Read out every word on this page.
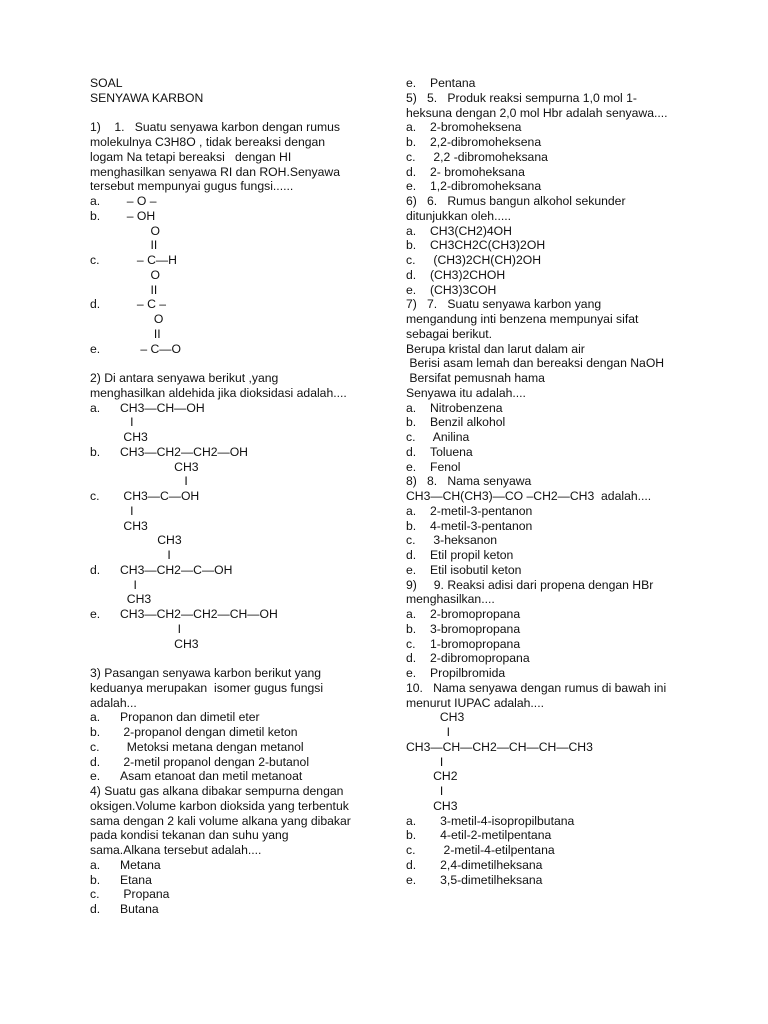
SOAL
SENYAWA KARBON
1)    1.   Suatu senyawa karbon dengan rumus
molekulnya C3H8O , tidak bereaksi dengan
logam Na tetapi bereaksi   dengan HI
menghasilkan senyawa RI dan ROH.Senyawa
tersebut mempunyai gugus fungsi......
a.	– O –
b.	– OH
O
II
c.	– C—H
O
II
d.	– C –
O
II
e.	– C—O
2) Di antara senyawa berikut ,yang
menghasilkan aldehida jika dioksidasi adalah....
a.	CH3—CH—OH
I
CH3
b.	CH3—CH2—CH2—OH
CH3
I
c.	CH3—C—OH
I
CH3
CH3
I
d.	CH3—CH2—C—OH
I
CH3
e.	CH3—CH2—CH2—CH—OH
I
CH3
3) Pasangan senyawa karbon berikut yang
keduanya merupakan  isomer gugus fungsi
adalah...
a.	Propanon dan dimetil eter
b.	2-propanol dengan dimetil keton
c.	Metoksi metana dengan metanol
d.	2-metil propanol dengan 2-butanol
e.	Asam etanoat dan metil metanoat
4) Suatu gas alkana dibakar sempurna dengan
oksigen.Volume karbon dioksida yang terbentuk
sama dengan 2 kali volume alkana yang dibakar
pada kondisi tekanan dan suhu yang
sama.Alkana tersebut adalah....
a.	Metana
b.	Etana
c.	Propana
d.	Butana
e.	Pentana
5)   5.   Produk reaksi sempurna 1,0 mol 1-
heksuna dengan 2,0 mol Hbr adalah senyawa....
a.	2-bromoheksena
b.	2,2-dibromoheksena
c.	2,2 -dibromoheksana
d.	2- bromoheksana
e.	1,2-dibromoheksana
6)   6.   Rumus bangun alkohol sekunder
ditunjukkan oleh.....
a.	CH3(CH2)4OH
b.	CH3CH2C(CH3)2OH
c.	(CH3)2CH(CH)2OH
d.	(CH3)2CHOH
e.	(CH3)3COH
7)   7.   Suatu senyawa karbon yang
mengandung inti benzena mempunyai sifat
sebagai berikut.
Berupa kristal dan larut dalam air
Berisi asam lemah dan bereaksi dengan NaOH
Bersifat pemusnah hama
Senyawa itu adalah....
a.	Nitrobenzena
b.	Benzil alkohol
c.	Anilina
d.	Toluena
e.	Fenol
8)   8.   Nama senyawa
CH3—CH(CH3)—CO –CH2—CH3  adalah....
a.	2-metil-3-pentanon
b.	4-metil-3-pentanon
c.	3-heksanon
d.	Etil propil keton
e.	Etil isobutil keton
9)     9. Reaksi adisi dari propena dengan HBr
menghasilkan....
a.	2-bromopropana
b.	3-bromopropana
c.	1-bromopropana
d.	2-dibromopropana
e.	Propilbromida
10.   Nama senyawa dengan rumus di bawah ini
menurut IUPAC adalah....
CH3
I
CH3—CH—CH2—CH—CH—CH3
I
CH2
I
CH3
a.	3-metil-4-isopropilbutana
b.	4-etil-2-metilpentana
c.	2-metil-4-etilpentana
d.	2,4-dimetilheksana
e.	3,5-dimetilheksana
